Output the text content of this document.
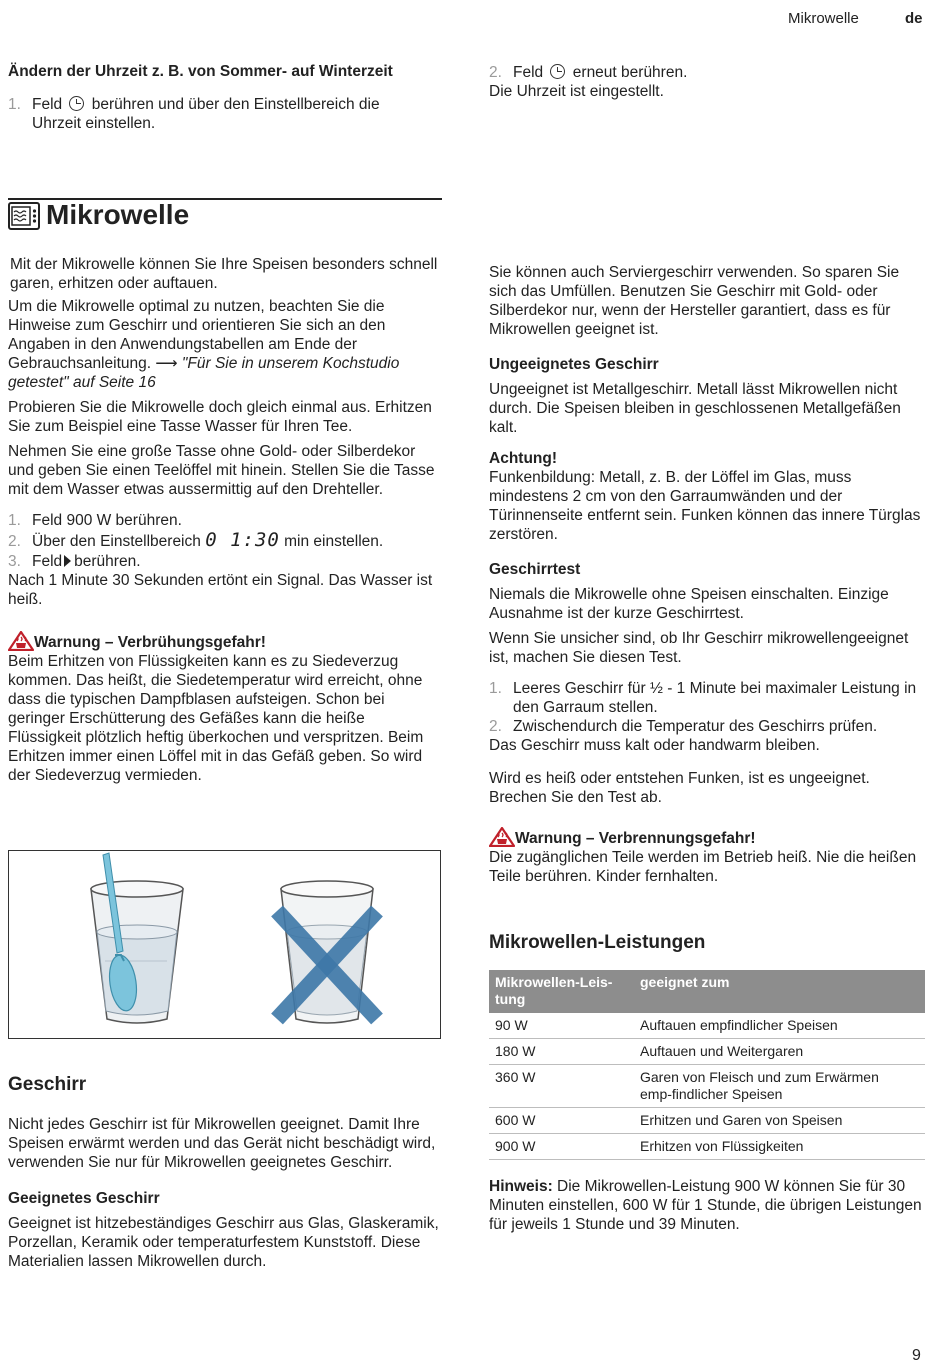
Mikrowelle	de
Ändern der Uhrzeit z. B. von Sommer- auf Winterzeit
1. Feld berühren und über den Einstellbereich die
Uhrzeit einstellen.
2. Feld erneut berühren.
Die Uhrzeit ist eingestellt.
Mikrowelle

Mit der Mikrowelle können Sie Ihre Speisen besonders schnell garen, erhitzen oder auftauen.

Um die Mikrowelle optimal zu nutzen, beachten Sie die Hinweise zum Geschirr und orientieren Sie sich an den Angaben in den Anwendungstabellen am Ende der Gebrauchsanleitung. ⟶ "Für Sie in unserem Kochstudio getestet" auf Seite 16

Probieren Sie die Mikrowelle doch gleich einmal aus. Erhitzen Sie zum Beispiel eine Tasse Wasser für Ihren Tee.

Nehmen Sie eine große Tasse ohne Gold- oder Silberdekor und geben Sie einen Teelöffel mit hinein. Stellen Sie die Tasse mit dem Wasser etwas aussermittig auf den Drehteller.

1. Feld 900 W berühren.

2. Über den Einstellbereich 0 1:30 min einstellen.

3. Feld berühren.

Nach 1 Minute 30 Sekunden ertönt ein Signal. Das Wasser ist heiß.

Warnung – Verbrühungsgefahr!

Beim Erhitzen von Flüssigkeiten kann es zu Siedeverzug kommen. Das heißt, die Siedetemperatur wird erreicht, ohne dass die typischen Dampfblasen aufsteigen. Schon bei geringer Erschütterung des Gefäßes kann die heiße Flüssigkeit plötzlich heftig überkochen und verspritzen. Beim Erhitzen immer einen Löffel mit in das Gefäß geben. So wird der Siedeverzug vermieden.

Geschirr

Nicht jedes Geschirr ist für Mikrowellen geeignet. Damit Ihre Speisen erwärmt werden und das Gerät nicht beschädigt wird, verwenden Sie nur für Mikrowellen geeignetes Geschirr.

Geeignetes Geschirr

Geeignet ist hitzebeständiges Geschirr aus Glas, Glaskeramik, Porzellan, Keramik oder temperaturfestem Kunststoff. Diese Materialien lassen Mikrowellen durch.

Sie können auch Serviergeschirr verwenden. So sparen Sie sich das Umfüllen. Benutzen Sie Geschirr mit Gold- oder Silberdekor nur, wenn der Hersteller garantiert, dass es für Mikrowellen geeignet ist.

Ungeeignetes Geschirr

Ungeeignet ist Metallgeschirr. Metall lässt Mikrowellen nicht durch. Die Speisen bleiben in geschlossenen Metallgefäßen kalt.

Achtung!

Funkenbildung: Metall, z. B. der Löffel im Glas, muss mindestens 2 cm von den Garraumwänden und der Türinnenseite entfernt sein. Funken können das innere Türglas zerstören.

Geschirrtest

Niemals die Mikrowelle ohne Speisen einschalten. Einzige Ausnahme ist der kurze Geschirrtest.

Wenn Sie unsicher sind, ob Ihr Geschirr mikrowellengeeignet ist, machen Sie diesen Test.

1. Leeres Geschirr für ½ - 1 Minute bei maximaler Leistung in den Garraum stellen.

2. Zwischendurch die Temperatur des Geschirrs prüfen.

Das Geschirr muss kalt oder handwarm bleiben.

Wird es heiß oder entstehen Funken, ist es ungeeignet. Brechen Sie den Test ab.

Warnung – Verbrennungsgefahr!

Die zugänglichen Teile werden im Betrieb heiß. Nie die heißen Teile berühren. Kinder fernhalten.

Mikrowellen-Leistungen
Mikrowellen-Leis-tung	geeignet zum
90 W	Auftauen empfindlicher Speisen
180 W	Auftauen und Weitergaren
360 W	Garen von Fleisch und zum Erwärmen emp-findlicher Speisen
600 W	Erhitzen und Garen von Speisen
900 W	Erhitzen von Flüssigkeiten
Hinweis: Die Mikrowellen-Leistung 900 W können Sie für 30 Minuten einstellen, 600 W für 1 Stunde, die übrigen Leistungen für jeweils 1 Stunde und 39 Minuten.
9
